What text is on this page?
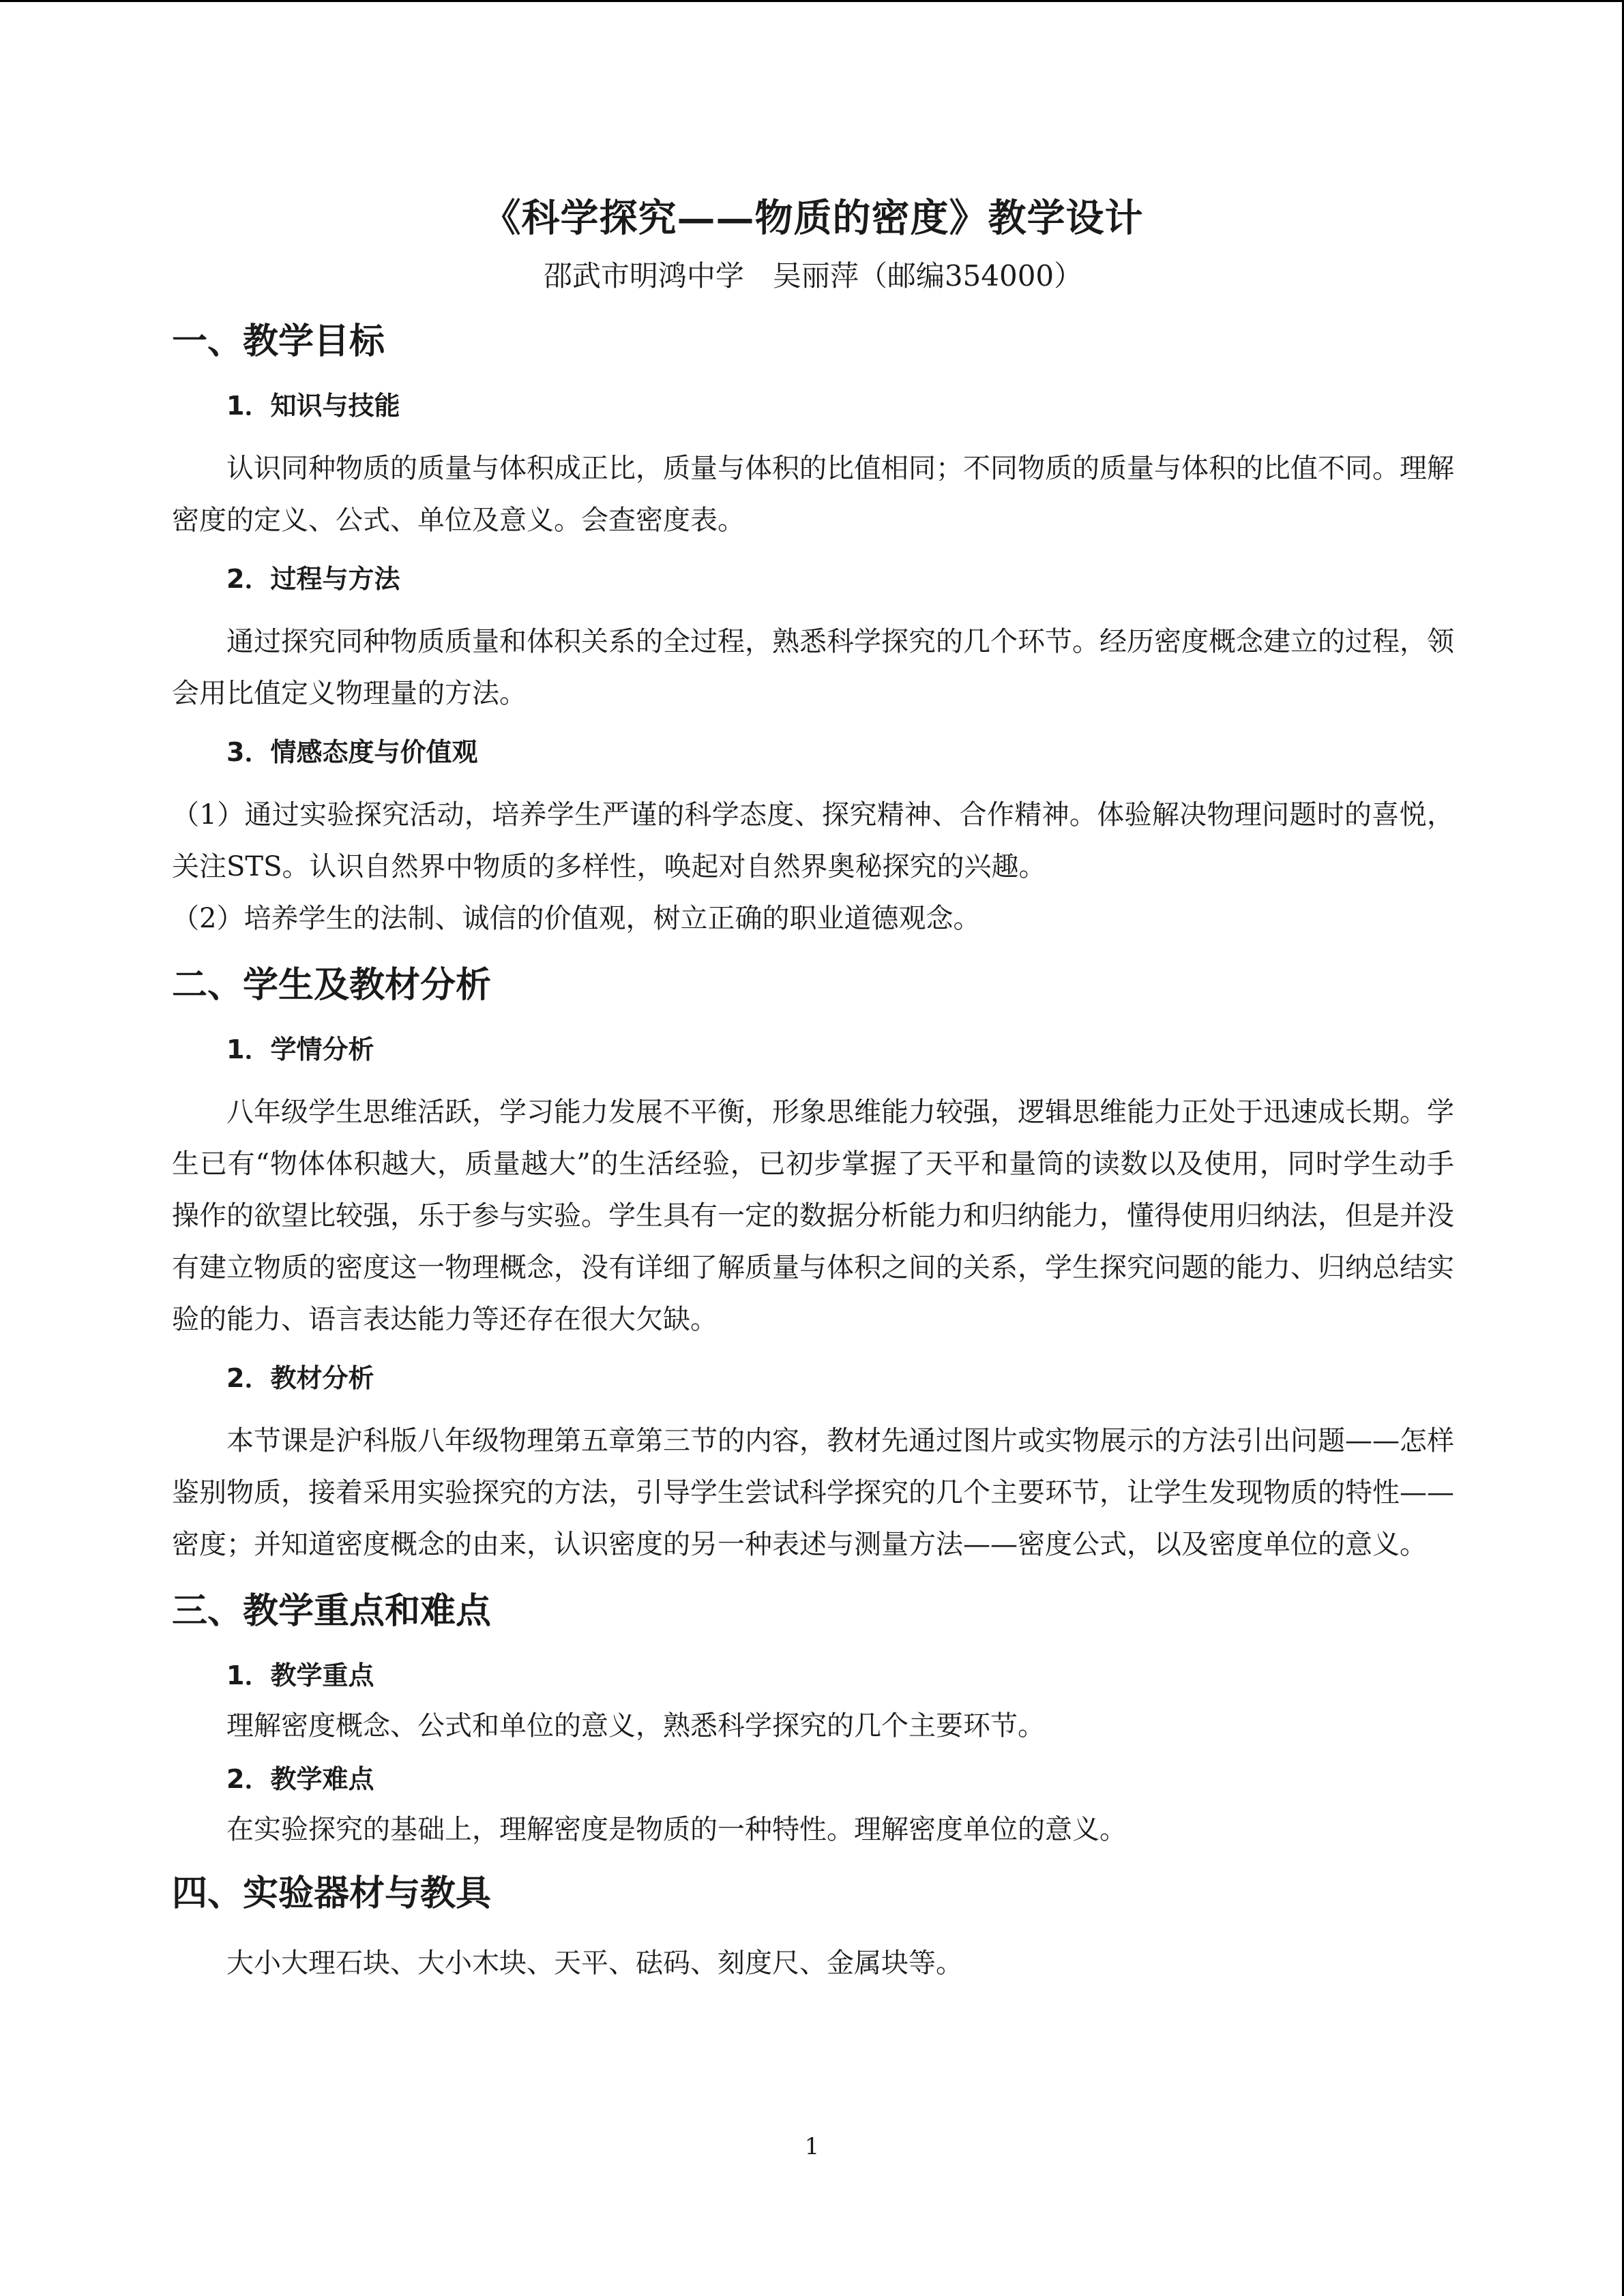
《科学探究——物质的密度》教学设计

邵武市明鸿中学　吴丽萍（邮编354000）

一、教学目标
1．知识与技能

认识同种物质的质量与体积成正比，质量与体积的比值相同；不同物质的质量与体积的比值不同。理解密度的定义、公式、单位及意义。会查密度表。

2．过程与方法

通过探究同种物质质量和体积关系的全过程，熟悉科学探究的几个环节。经历密度概念建立的过程，领会用比值定义物理量的方法。

3．情感态度与价值观

（1）通过实验探究活动，培养学生严谨的科学态度、探究精神、合作精神。体验解决物理问题时的喜悦，关注STS。认识自然界中物质的多样性，唤起对自然界奥秘探究的兴趣。

（2）培养学生的法制、诚信的价值观，树立正确的职业道德观念。

二、学生及教材分析
1．学情分析

八年级学生思维活跃，学习能力发展不平衡，形象思维能力较强，逻辑思维能力正处于迅速成长期。学生已有“物体体积越大，质量越大”的生活经验，已初步掌握了天平和量筒的读数以及使用，同时学生动手操作的欲望比较强，乐于参与实验。学生具有一定的数据分析能力和归纳能力，懂得使用归纳法，但是并没有建立物质的密度这一物理概念，没有详细了解质量与体积之间的关系，学生探究问题的能力、归纳总结实验的能力、语言表达能力等还存在很大欠缺。

2．教材分析

本节课是沪科版八年级物理第五章第三节的内容，教材先通过图片或实物展示的方法引出问题——怎样鉴别物质，接着采用实验探究的方法，引导学生尝试科学探究的几个主要环节，让学生发现物质的特性——密度；并知道密度概念的由来，认识密度的另一种表述与测量方法——密度公式，以及密度单位的意义。

三、教学重点和难点
1．教学重点

理解密度概念、公式和单位的意义，熟悉科学探究的几个主要环节。

2．教学难点

在实验探究的基础上，理解密度是物质的一种特性。理解密度单位的意义。

四、实验器材与教具

大小大理石块、大小木块、天平、砝码、刻度尺、金属块等。

1
